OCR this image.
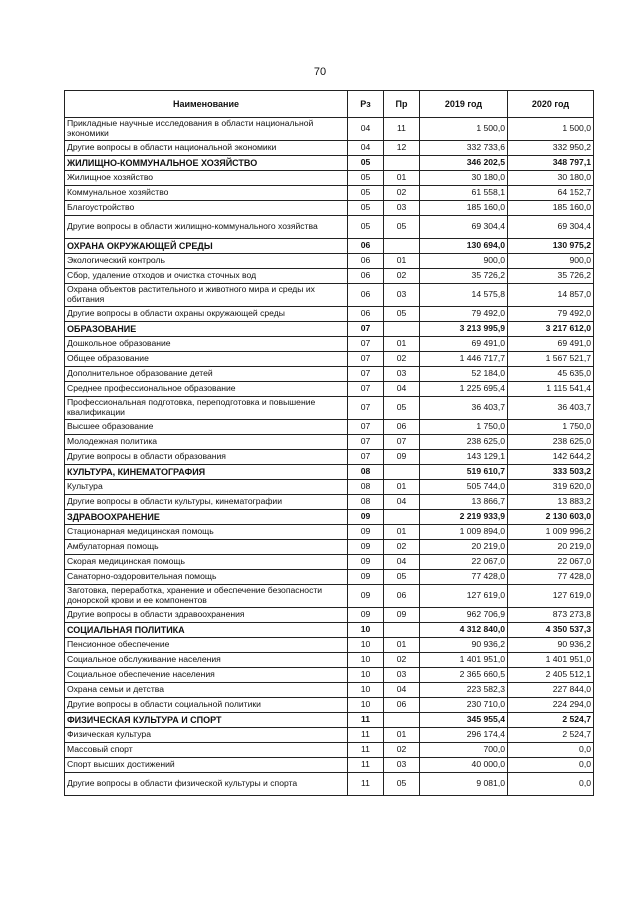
70
Наименование	Рз	Пр	2019 год	2020 год
Прикладные научные исследования в области национальной экономики	04	11	1 500,0	1 500,0
Другие вопросы в области национальной экономики	04	12	332 733,6	332 950,2
ЖИЛИЩНО-КОММУНАЛЬНОЕ ХОЗЯЙСТВО	05		346 202,5	348 797,1
Жилищное хозяйство	05	01	30 180,0	30 180,0
Коммунальное хозяйство	05	02	61 558,1	64 152,7
Благоустройство	05	03	185 160,0	185 160,0
Другие вопросы в области жилищно-коммунального хозяйства	05	05	69 304,4	69 304,4
ОХРАНА ОКРУЖАЮЩЕЙ СРЕДЫ	06		130 694,0	130 975,2
Экологический контроль	06	01	900,0	900,0
Сбор, удаление отходов и очистка сточных вод	06	02	35 726,2	35 726,2
Охрана объектов растительного и животного мира и среды их обитания	06	03	14 575,8	14 857,0
Другие вопросы в области охраны окружающей среды	06	05	79 492,0	79 492,0
ОБРАЗОВАНИЕ	07		3 213 995,9	3 217 612,0
Дошкольное образование	07	01	69 491,0	69 491,0
Общее образование	07	02	1 446 717,7	1 567 521,7
Дополнительное образование детей	07	03	52 184,0	45 635,0
Среднее профессиональное образование	07	04	1 225 695,4	1 115 541,4
Профессиональная подготовка, переподготовка и повышение квалификации	07	05	36 403,7	36 403,7
Высшее образование	07	06	1 750,0	1 750,0
Молодежная политика	07	07	238 625,0	238 625,0
Другие вопросы в области образования	07	09	143 129,1	142 644,2
КУЛЬТУРА, КИНЕМАТОГРАФИЯ	08		519 610,7	333 503,2
Культура	08	01	505 744,0	319 620,0
Другие вопросы в области культуры, кинематографии	08	04	13 866,7	13 883,2
ЗДРАВООХРАНЕНИЕ	09		2 219 933,9	2 130 603,0
Стационарная медицинская помощь	09	01	1 009 894,0	1 009 996,2
Амбулаторная помощь	09	02	20 219,0	20 219,0
Скорая медицинская помощь	09	04	22 067,0	22 067,0
Санаторно-оздоровительная помощь	09	05	77 428,0	77 428,0
Заготовка, переработка, хранение и обеспечение безопасности донорской крови и ее компонентов	09	06	127 619,0	127 619,0
Другие вопросы в области здравоохранения	09	09	962 706,9	873 273,8
СОЦИАЛЬНАЯ ПОЛИТИКА	10		4 312 840,0	4 350 537,3
Пенсионное обеспечение	10	01	90 936,2	90 936,2
Социальное обслуживание населения	10	02	1 401 951,0	1 401 951,0
Социальное обеспечение населения	10	03	2 365 660,5	2 405 512,1
Охрана семьи и детства	10	04	223 582,3	227 844,0
Другие вопросы в области социальной политики	10	06	230 710,0	224 294,0
ФИЗИЧЕСКАЯ КУЛЬТУРА И СПОРТ	11		345 955,4	2 524,7
Физическая культура	11	01	296 174,4	2 524,7
Массовый спорт	11	02	700,0	0,0
Спорт высших достижений	11	03	40 000,0	0,0
Другие вопросы в области физической культуры и спорта	11	05	9 081,0	0,0
